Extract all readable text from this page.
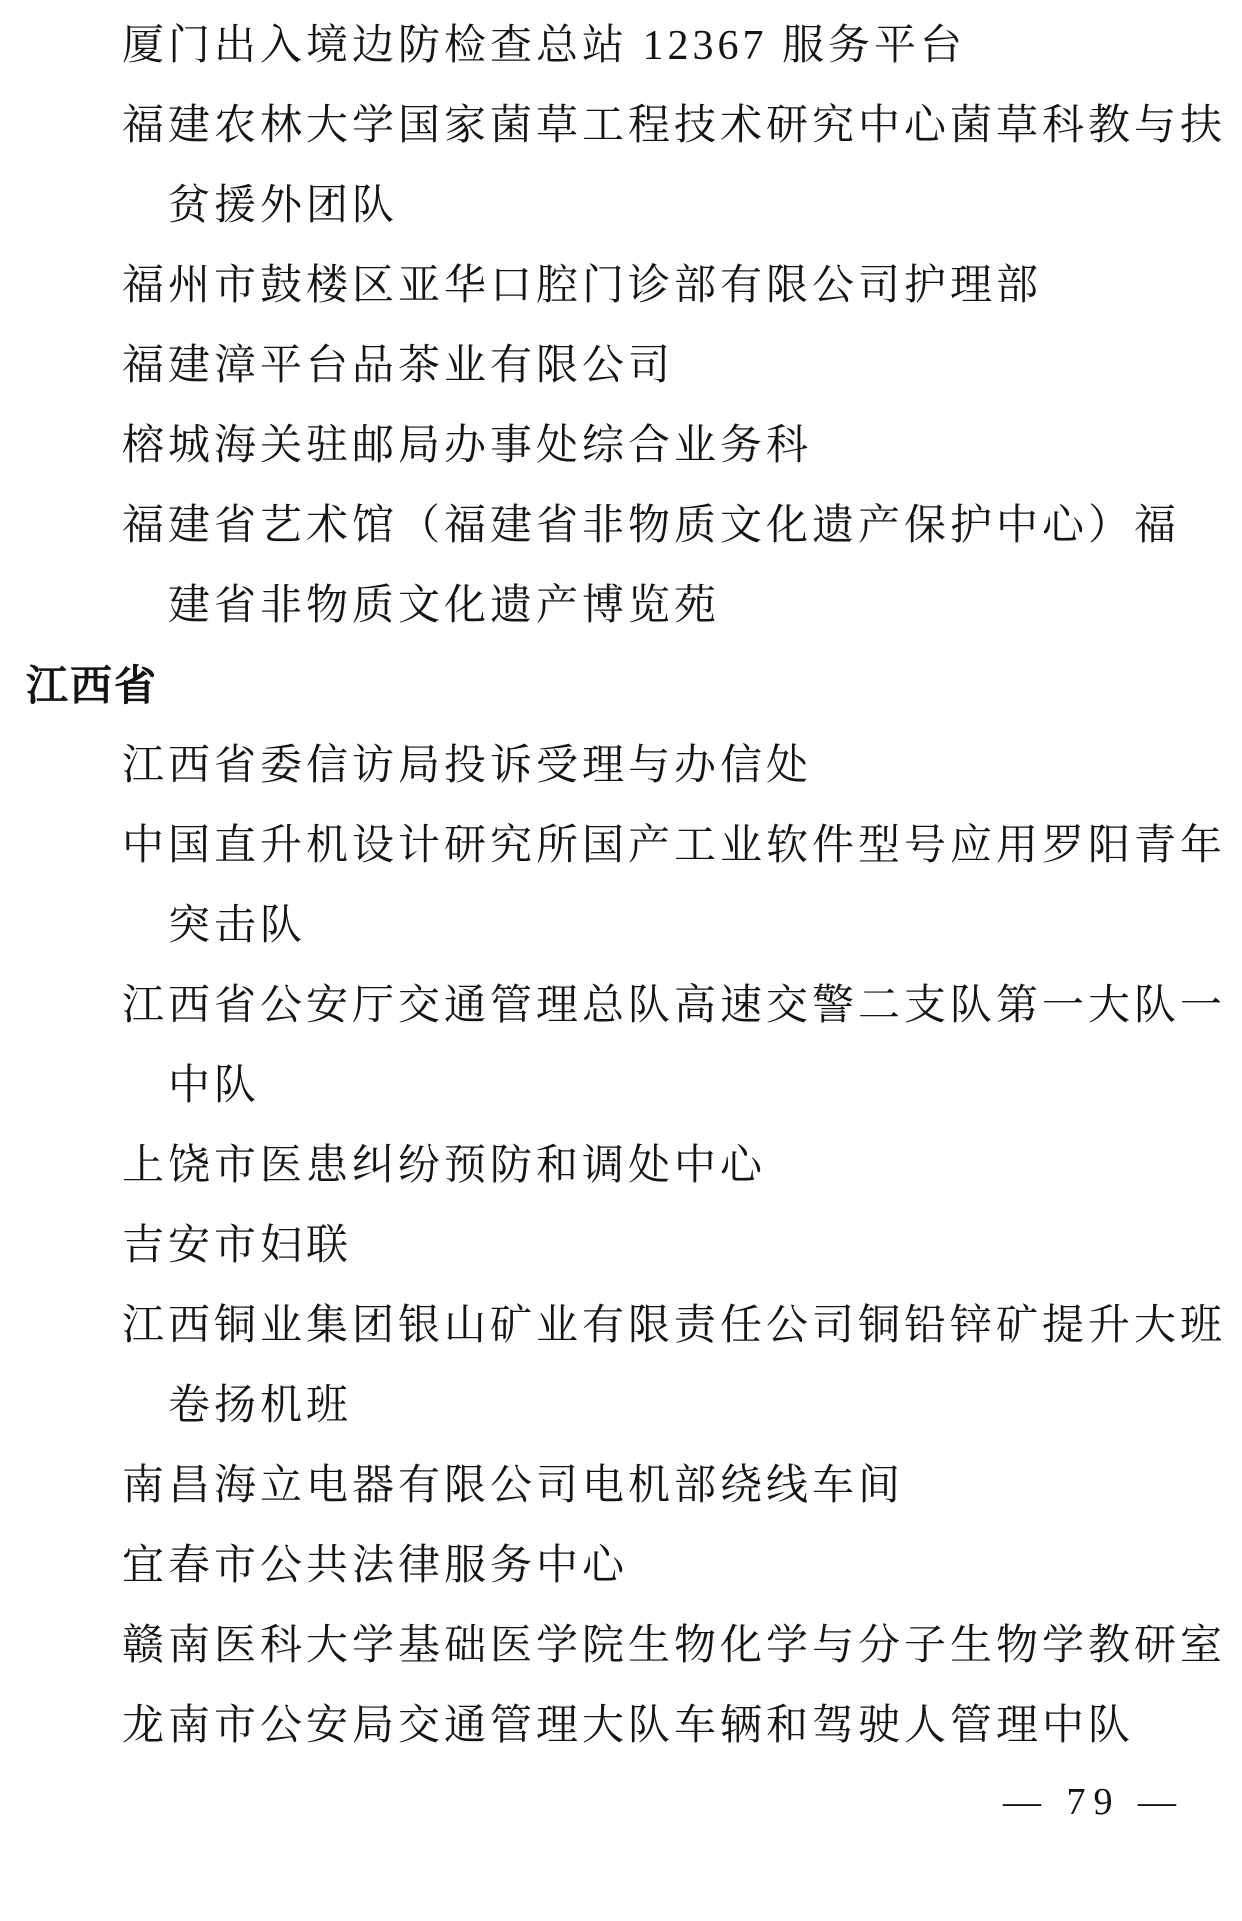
厦门出入境边防检查总站 12367 服务平台
福建农林大学国家菌草工程技术研究中心菌草科教与扶
贫援外团队
福州市鼓楼区亚华口腔门诊部有限公司护理部
福建漳平台品茶业有限公司
榕城海关驻邮局办事处综合业务科
福建省艺术馆（福建省非物质文化遗产保护中心）福
建省非物质文化遗产博览苑
江西省
江西省委信访局投诉受理与办信处
中国直升机设计研究所国产工业软件型号应用罗阳青年
突击队
江西省公安厅交通管理总队高速交警二支队第一大队一
中队
上饶市医患纠纷预防和调处中心
吉安市妇联
江西铜业集团银山矿业有限责任公司铜铅锌矿提升大班
卷扬机班
南昌海立电器有限公司电机部绕线车间
宜春市公共法律服务中心
赣南医科大学基础医学院生物化学与分子生物学教研室
龙南市公安局交通管理大队车辆和驾驶人管理中队
— 79 —
